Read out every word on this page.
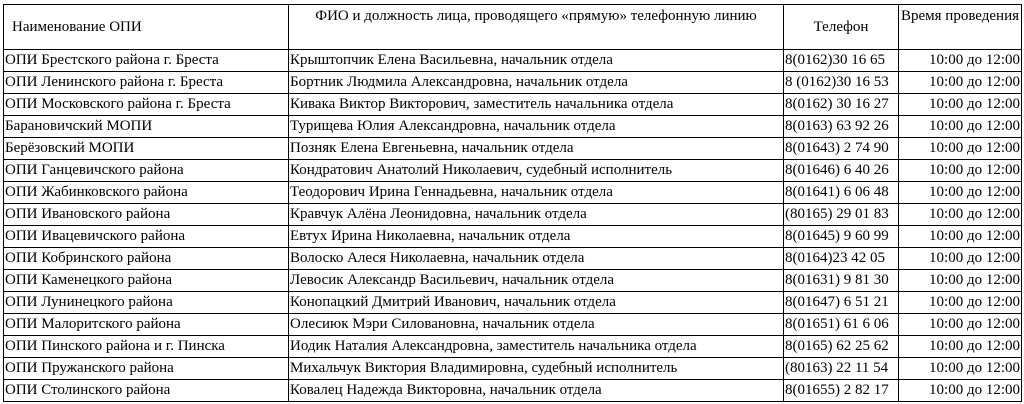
Наименование ОПИ	ФИО и должность лица, проводящего «прямую» телефонную линию	Телефон	Время проведения
ОПИ Брестского района г. Бреста	Крыштопчик Елена Васильевна, начальник отдела	8(0162)30 16 65	10:00 до 12:00
ОПИ Ленинского района г. Бреста	Бортник Людмила Александровна, начальник отдела	8 (0162)30 16 53	10:00 до 12:00
ОПИ Московского района г. Бреста	Кивака Виктор Викторович, заместитель начальника отдела	8(0162) 30 16 27	10:00 до 12:00
Барановичский МОПИ	Турищева Юлия Александровна, начальник отдела	8(0163) 63 92 26	10:00 до 12:00
Берёзовский МОПИ	Позняк Елена Евгеньевна, начальник отдела	8(01643) 2 74 90	10:00 до 12:00
ОПИ Ганцевичского района	Кондратович Анатолий Николаевич, судебный исполнитель	8(01646) 6 40 26	10:00 до 12:00
ОПИ Жабинковского района	Теодорович Ирина Геннадьевна, начальник отдела	8(01641) 6 06 48	10:00 до 12:00
ОПИ Ивановского района	Кравчук Алёна Леонидовна, начальник отдела	(80165) 29 01 83	10:00 до 12:00
ОПИ Ивацевичского района	Евтух Ирина Николаевна, начальник отдела	8(01645) 9 60 99	10:00 до 12:00
ОПИ Кобринского района	Волоско Алеся Николаевна, начальник отдела	8(0164)23 42 05	10:00 до 12:00
ОПИ Каменецкого района	Левосик Александр Васильевич, начальник отдела	8(01631) 9 81 30	10:00 до 12:00
ОПИ Лунинецкого района	Конопацкий Дмитрий Иванович, начальник отдела	8(01647) 6 51 21	10:00 до 12:00
ОПИ Малоритского района	Олесиюк Мэри Силовановна, начальник отдела	8(01651) 61 6 06	10:00 до 12:00
ОПИ Пинского района и г. Пинска	Иодик Наталия Александровна, заместитель начальника отдела	8(0165) 62 25 62	10:00 до 12:00
ОПИ Пружанского района	Михальчук Виктория Владимировна, судебный исполнитель	(80163) 22 11 54	10:00 до 12:00
ОПИ Столинского района	Ковалец Надежда Викторовна, начальник отдела	8(01655) 2 82 17	10:00 до 12:00
